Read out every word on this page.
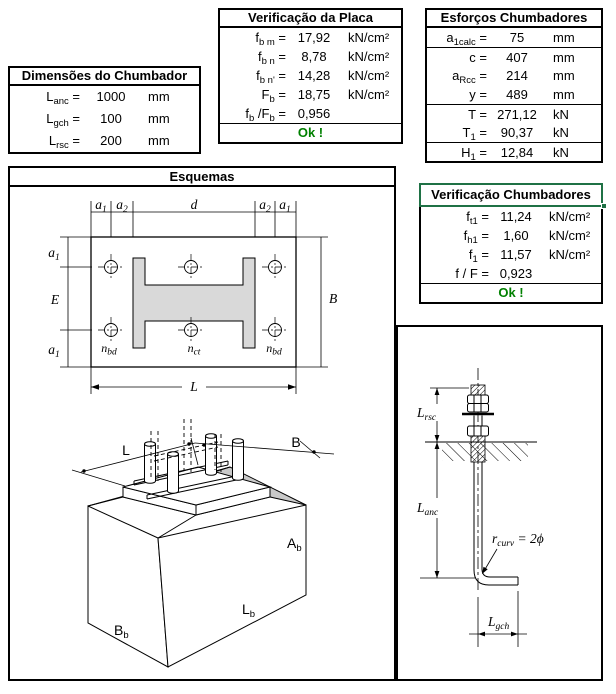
Dimensões do Chumbador
$L_{anc}$ =	1000	mm
$L_{gch}$ =	100	mm
$L_{rsc}$ =	200	mm
Verificação da Placa
$f_{b m} = 17,92$	kN/cm²
$f_{b n}$ =	8,78	kN/cm²
$f_{b n'} = 14,28$	kN/cm²
$F_b = 18,75$	kN/cm²
$f_b$ $/F_b = 0,956$
Ok !
Esforços Chumbadores
$a_{1calc}$ =	75	mm
c =	407	mm
$a_{Rcc}$ =	214	mm
y =	489	mm
T = 271,12	kN
$T_1$ =	90,37	kN
$H_1$ =	12,84	kN
Verificação Chumbadores
$f_{t1} = 11,24$	kN/cm²
$f_{h1}$ =	1,60	kN/cm²
$f_1 = 11,57$	kN/cm²
f / F = 0,923
Ok !
Esquemas
$a_1$ $a_2$	d	$a_2$ $a_1$
$a_1$
E
$a_1$
B
L
$n_{bd}$	$n_{ct}$	$n_{bd}$
L	B
$A_b$
$L_b$
$B_b$
$L_{rsc}$
$L_{anc}$
$r_{curv} = 2\phi$
$L_{gch}$
